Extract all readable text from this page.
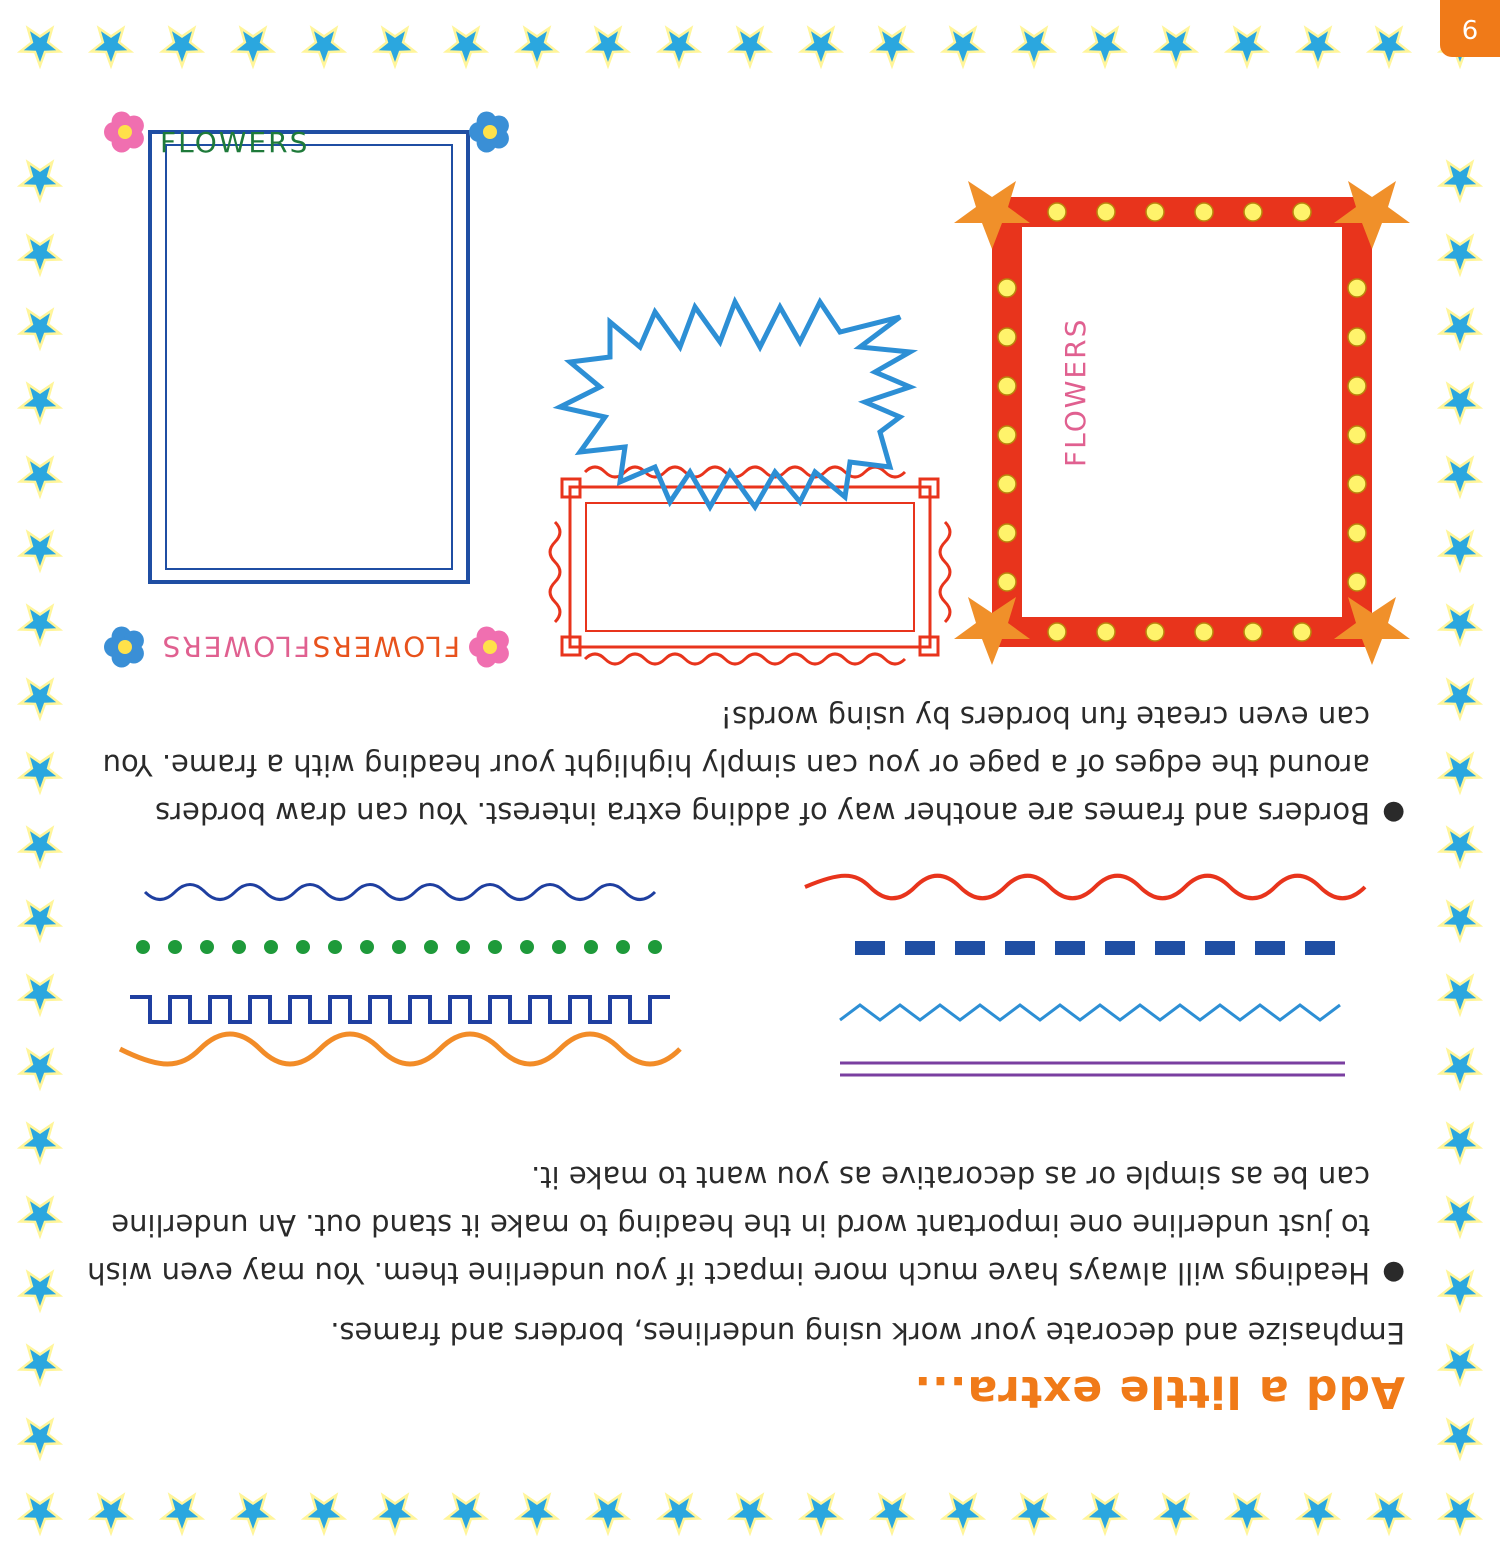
Add a little extra...

Emphasize and decorate your work using underlines, borders and frames.

●
Headings will always have much more impact if you underline them. You may even wish to just underline one important word in the heading to make it stand out. An underline can be as simple or as decorative as you want to make it.
●
Borders and frames are another way of adding extra interest. You can draw borders around the edges of a page or you can simply highlight your heading with a frame. You can even create fun borders by using words!
FLOWERS
FLOWERS
FLOWERS
FLOWERS
9
